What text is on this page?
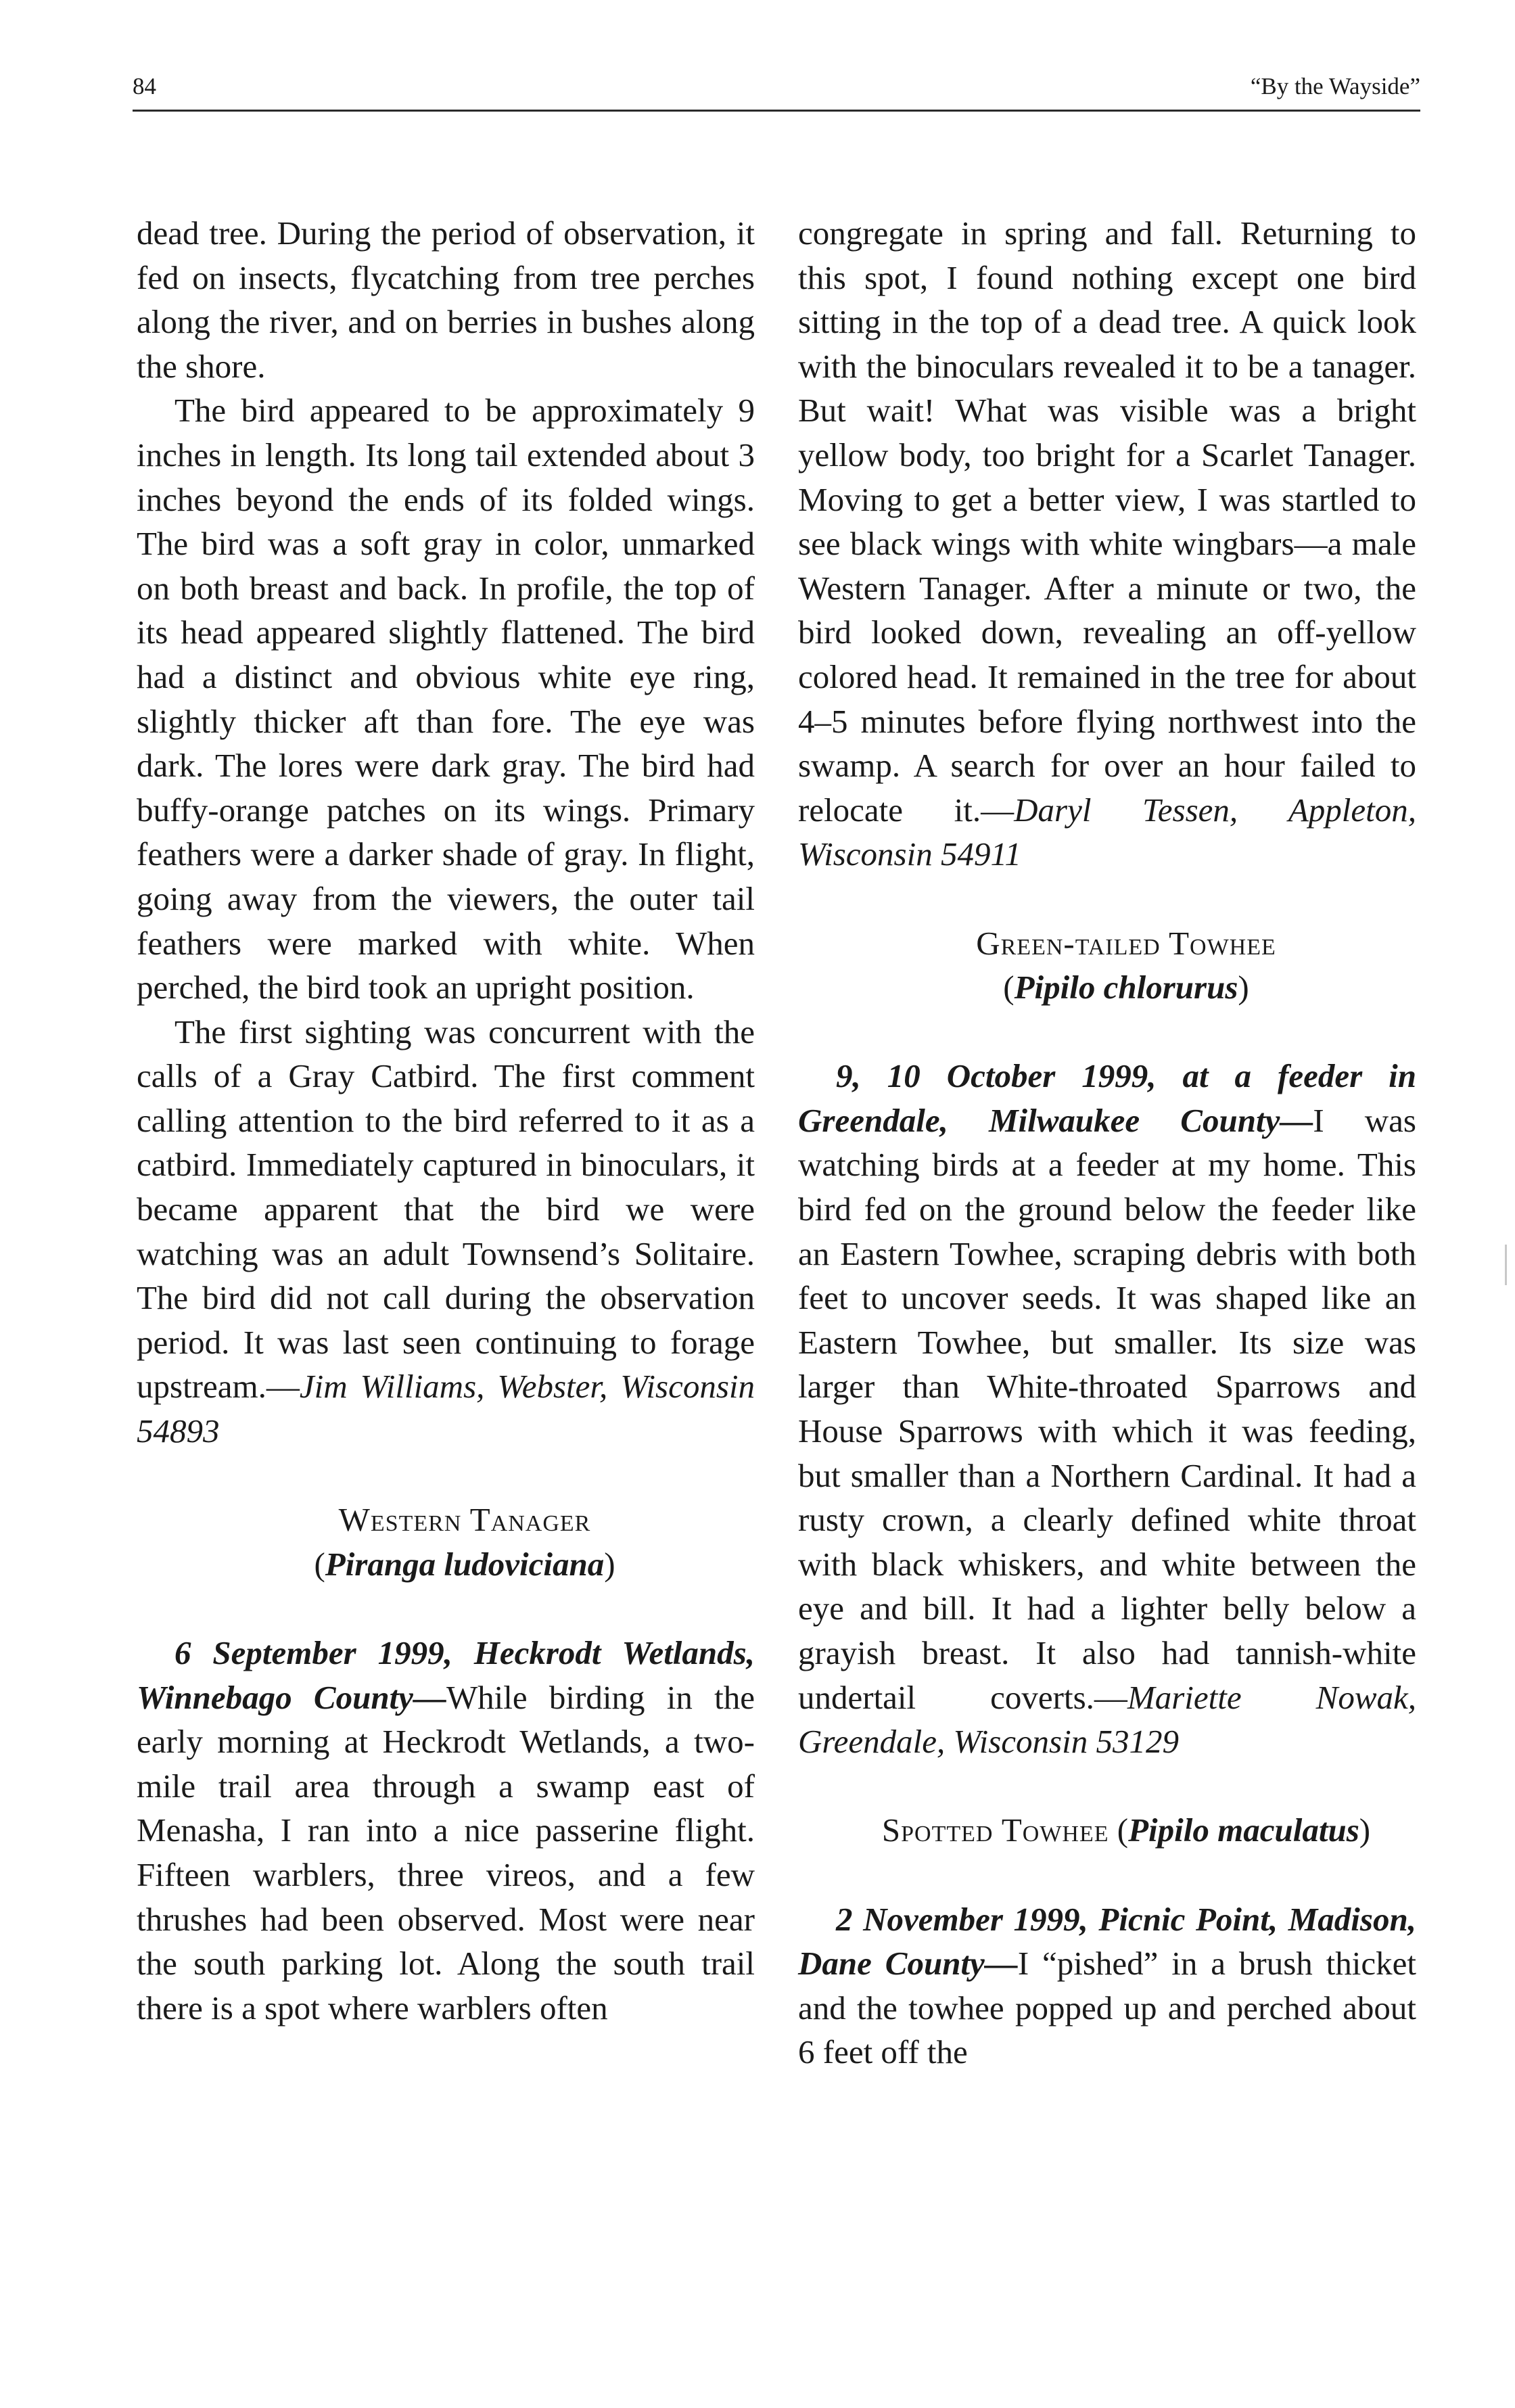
84	“By the Wayside”

dead tree. During the period of observation, it fed on insects, flycatching from tree perches along the river, and on berries in bushes along the shore.

The bird appeared to be approximately 9 inches in length. Its long tail extended about 3 inches beyond the ends of its folded wings. The bird was a soft gray in color, unmarked on both breast and back. In profile, the top of its head appeared slightly flattened. The bird had a distinct and obvious white eye ring, slightly thicker aft than fore. The eye was dark. The lores were dark gray. The bird had buffy-orange patches on its wings. Primary feathers were a darker shade of gray. In flight, going away from the viewers, the outer tail feathers were marked with white. When perched, the bird took an upright position.

The first sighting was concurrent with the calls of a Gray Catbird. The first comment calling attention to the bird referred to it as a catbird. Immediately captured in binoculars, it became apparent that the bird we were watching was an adult Townsend’s Solitaire. The bird did not call during the observation period. It was last seen continuing to forage upstream.—Jim Williams, Webster, Wisconsin 54893

Western Tanager

(Piranga ludoviciana)

6 September 1999, Heckrodt Wetlands, Winnebago County—While birding in the early morning at Heckrodt Wetlands, a two-mile trail area through a swamp east of Menasha, I ran into a nice passerine flight. Fifteen warblers, three vireos, and a few thrushes had been observed. Most were near the south parking lot. Along the south trail there is a spot where warblers often

congregate in spring and fall. Returning to this spot, I found nothing except one bird sitting in the top of a dead tree. A quick look with the binoculars revealed it to be a tanager. But wait! What was visible was a bright yellow body, too bright for a Scarlet Tanager. Moving to get a better view, I was startled to see black wings with white wingbars—a male Western Tanager. After a minute or two, the bird looked down, revealing an off-yellow colored head. It remained in the tree for about 4–5 minutes before flying northwest into the swamp. A search for over an hour failed to relocate it.—Daryl Tessen, Appleton, Wisconsin 54911

Green-tailed Towhee

(Pipilo chlorurus)

9, 10 October 1999, at a feeder in Greendale, Milwaukee County—I was watching birds at a feeder at my home. This bird fed on the ground below the feeder like an Eastern Towhee, scraping debris with both feet to uncover seeds. It was shaped like an Eastern Towhee, but smaller. Its size was larger than White-throated Sparrows and House Sparrows with which it was feeding, but smaller than a Northern Cardinal. It had a rusty crown, a clearly defined white throat with black whiskers, and white between the eye and bill. It had a lighter belly below a grayish breast. It also had tannish-white undertail coverts.—Mariette Nowak, Greendale, Wisconsin 53129

Spotted Towhee (Pipilo maculatus)

2 November 1999, Picnic Point, Madison, Dane County—I “pished” in a brush thicket and the towhee popped up and perched about 6 feet off the
